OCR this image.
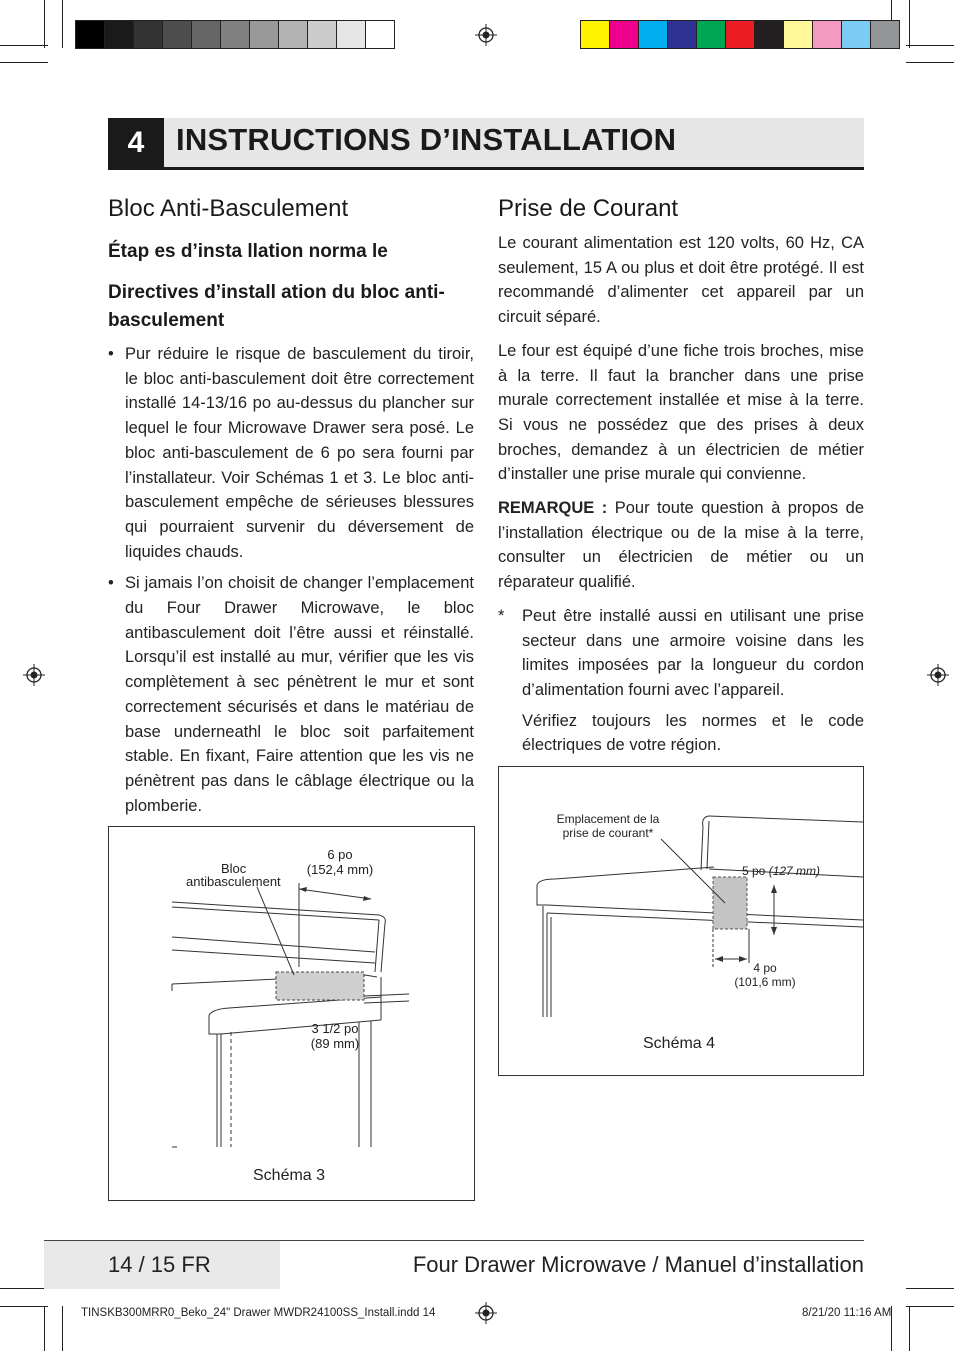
4	INSTRUCTIONS D’INSTALLATION
Bloc Anti-Basculement
Étap es d’insta llation norma le
Directives d’install ation du bloc anti-basculement
• Pur réduire le risque de basculement du tiroir, le bloc anti-basculement doit être correctement installé 14-13/16 po au-dessus du plancher sur lequel le four Microwave Drawer sera posé. Le bloc anti-basculement de 6 po sera fourni par l’installateur. Voir Schémas 1 et 3. Le bloc anti-basculement empêche de sérieuses blessures qui pourraient survenir du déversement de liquides chauds.
• Si jamais l’on choisit de changer l’emplacement du Four Drawer Microwave, le bloc antibasculement doit l’être aussi et réinstallé. Lorsqu’il est installé au mur, vérifier que les vis complètement à sec pénètrent le mur et sont correctement sécurisés et dans le matériau de base underneathl le bloc soit parfaitement stable. En fixant, Faire attention que les vis ne pénètrent pas dans le câblage électrique ou la plomberie.
Bloc
antibasculement
6 po
(152,4 mm)
3 1/2 po
(89 mm)
Schéma 3
Prise de Courant

Le courant alimentation est 120 volts, 60 Hz, CA seulement, 15 A ou plus et doit être protégé. Il est recommandé d’alimenter cet appareil par un circuit séparé.

Le four est équipé d’une fiche trois broches, mise à la terre. Il faut la brancher dans une prise murale correctement installée et mise à la terre. Si vous ne possédez que des prises à deux broches, demandez à un électricien de métier d’installer une prise murale qui convienne.

REMARQUE : Pour toute question à propos de l’installation électrique ou de la mise à la terre, consulter un électricien de métier ou un réparateur qualifié.

* Peut être installé aussi en utilisant une prise secteur dans une armoire voisine dans les limites imposées par la longueur du cordon d’alimentation fourni avec l’appareil.
Vérifiez toujours les normes et le code électriques de votre région.
Emplacement de la
prise de courant*
5 po (127 mm)
4 po
(101,6 mm)
Schéma 4
14 / 15 FR	Four Drawer Microwave / Manuel d’installation
TINSKB300MRR0_Beko_24" Drawer MWDR24100SS_Install.indd 14	8/21/20 11:16 AM
